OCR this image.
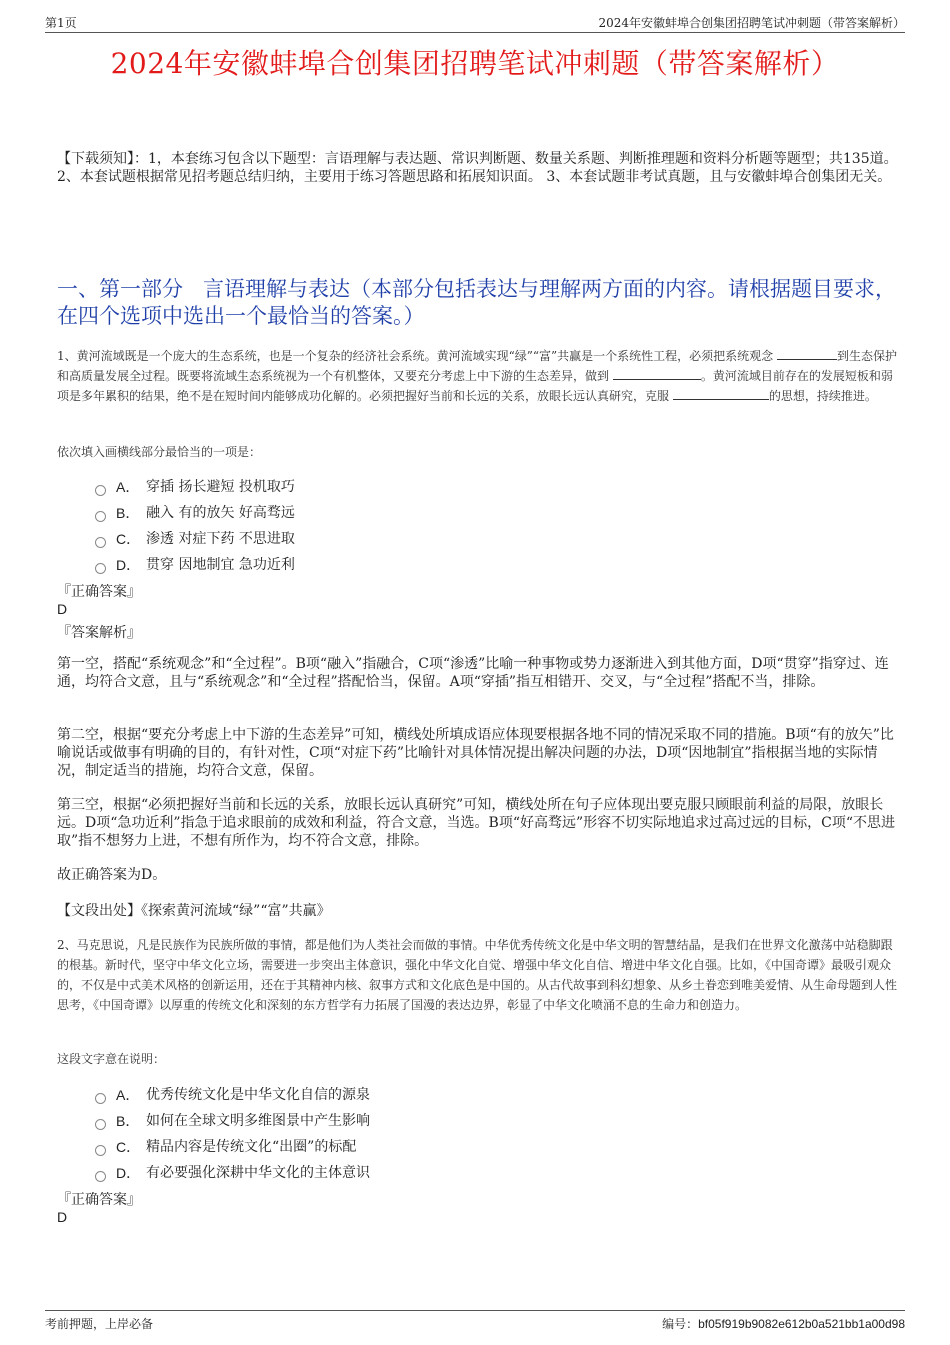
第1页	2024年安徽蚌埠合创集团招聘笔试冲刺题（带答案解析）
2024年安徽蚌埠合创集团招聘笔试冲刺题（带答案解析）
【下载须知】：1，本套练习包含以下题型：言语理解与表达题、常识判断题、数量关系题、判断推理题和资料分析题等题型；共135道。 2、本套试题根据常见招考题总结归纳，主要用于练习答题思路和拓展知识面。 3、本套试题非考试真题，且与安徽蚌埠合创集团无关。
一、第一部分 言语理解与表达（本部分包括表达与理解两方面的内容。请根据题目要求，在四个选项中选出一个最恰当的答案。）
1、黄河流域既是一个庞大的生态系统，也是一个复杂的经济社会系统。黄河流域实现“绿”“富”共赢是一个系统性工程，必须把系统观念	到生态保护和高质量发展全过程。既要将流域生态系统视为一个有机整体，又要充分考虑上中下游的生态差异，做到	。黄河流域目前存在的发展短板和弱项是多年累积的结果，绝不是在短时间内能够成功化解的。必须把握好当前和长远的关系，放眼长远认真研究，克服	的思想，持续推进。
依次填入画横线部分最恰当的一项是：
A． 穿插 扬长避短 投机取巧
B． 融入 有的放矢 好高骛远
C． 渗透 对症下药 不思进取
D． 贯穿 因地制宜 急功近利
『正确答案』
D
『答案解析』
第一空，搭配“系统观念”和“全过程”。B项“融入”指融合，C项“渗透”比喻一种事物或势力逐渐进入到其他方面，D项“贯穿”指穿过、连通，均符合文意，且与“系统观念”和“全过程”搭配恰当，保留。A项“穿插”指互相错开、交叉，与“全过程”搭配不当，排除。
第二空，根据“要充分考虑上中下游的生态差异”可知，横线处所填成语应体现要根据各地不同的情况采取不同的措施。B项“有的放矢”比喻说话或做事有明确的目的，有针对性，C项“对症下药”比喻针对具体情况提出解决问题的办法，D项“因地制宜”指根据当地的实际情况，制定适当的措施，均符合文意，保留。
第三空，根据“必须把握好当前和长远的关系，放眼长远认真研究”可知，横线处所在句子应体现出要克服只顾眼前利益的局限，放眼长远。D项“急功近利”指急于追求眼前的成效和利益，符合文意，当选。B项“好高骛远”形容不切实际地追求过高过远的目标，C项“不思进取”指不想努力上进，不想有所作为，均不符合文意，排除。
故正确答案为D。
【文段出处】《探索黄河流域“绿”“富”共赢》
2、马克思说，凡是民族作为民族所做的事情，都是他们为人类社会而做的事情。中华优秀传统文化是中华文明的智慧结晶，是我们在世界文化激荡中站稳脚跟的根基。新时代，坚守中华文化立场，需要进一步突出主体意识，强化中华文化自觉、增强中华文化自信、增进中华文化自强。比如，《中国奇谭》最吸引观众的，不仅是中式美术风格的创新运用，还在于其精神内核、叙事方式和文化底色是中国的。从古代故事到科幻想象、从乡土眷恋到唯美爱情、从生命母题到人性思考，《中国奇谭》以厚重的传统文化和深刻的东方哲学有力拓展了国漫的表达边界，彰显了中华文化喷涌不息的生命力和创造力。
这段文字意在说明：
A． 优秀传统文化是中华文化自信的源泉
B． 如何在全球文明多维图景中产生影响
C． 精品内容是传统文化“出圈”的标配
D． 有必要强化深耕中华文化的主体意识
『正确答案』
D
考前押题，上岸必备	编号：bf05f919b9082e612b0a521bb1a00d98
